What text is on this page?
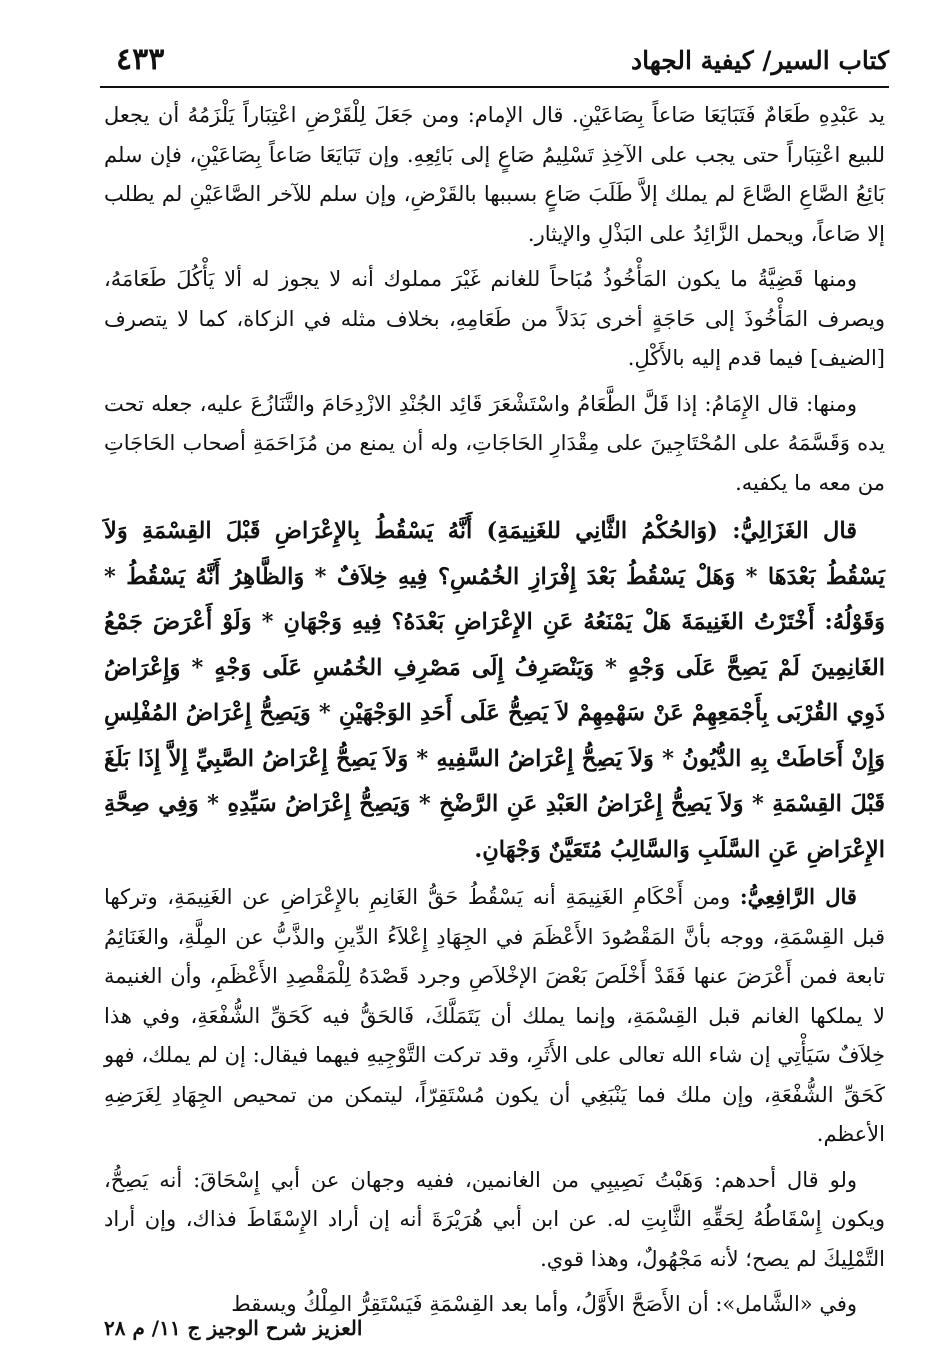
٤٣٣	كتاب السير/ كيفية الجهاد

يد عَبْدِهِ طَعَامٌ فَتَبَايَعَا صَاعاً بِصَاعَيْنِ. قال الإمام: ومن جَعَلَ لِلْقَرْضِ اعْتِبَاراً يَلْزَمُهُ أن يجعل للبيع اعْتِبَاراً حتى يجب على الآخِذِ تَسْلِيمُ صَاعٍ إلى بَائِعِهِ. وإن تَبَايَعَا صَاعاً بِصَاعَيْنِ، فإن سلم بَائِعُ الصَّاعِ الصَّاعَ لم يملك إلاَّ طَلَبَ صَاعٍ بسببها بالقَرْضِ، وإن سلم للآخر الصَّاعَيْنِ لم يطلب إلا صَاعاً، ويحمل الزَّائِدُ على البَذْلِ والإيثار.

ومنها قَضِيَّةُ ما يكون المَأْخُوذُ مُبَاحاً للغانم غَيْرَ مملوك أنه لا يجوز له ألا يَأْكُلَ طَعَامَهُ، ويصرف المَأْخُوذَ إلى حَاجَةٍ أخرى بَدَلاً من طَعَامِهِ، بخلاف مثله في الزكاة، كما لا يتصرف [الضيف] فيما قدم إليه بالأَكْلِ.

ومنها: قال الإِمَامُ: إذا قَلَّ الطَّعَامُ واسْتَشْعَرَ قَائِد الجُنْدِ الازْدِحَامَ والتَّنَازُعَ عليه، جعله تحت يده وَقَسَّمَهُ على المُحْتَاجِينَ على مِقْدَارِ الحَاجَاتِ، وله أن يمنع من مُزَاحَمَةِ أصحاب الحَاجَاتِ من معه ما يكفيه.

قال الغَزَالِيُّ: (وَالحُكْمُ الثَّانِي للغَنِيمَةِ) أَنَّهُ يَسْقُطُ بِالإِعْرَاضِ قَبْلَ القِسْمَةِ وَلاَ يَسْقُطُ بَعْدَهَا * وَهَلْ يَسْقُطُ بَعْدَ إِفْرَازِ الخُمُسِ؟ فِيهِ خِلاَفٌ * وَالظَّاهِرُ أَنَّهُ يَسْقُطُ * وَقَوْلُهُ: أَخْتَرْتُ الغَنِيمَةَ هَلْ يَمْنَعُهُ عَنِ الإِعْرَاضِ بَعْدَهُ؟ فِيهِ وَجْهَانِ * وَلَوْ أَعْرَضَ جَمْعُ الغَانِمِينَ لَمْ يَصِحَّ عَلَى وَجْهٍ * وَيَنْصَرِفُ إِلَى مَصْرِفِ الخُمُسِ عَلَى وَجْهٍ * وَإِعْرَاضُ ذَوِي القُرْبَى بِأَجْمَعِهِمْ عَنْ سَهْمِهِمْ لاَ يَصِحُّ عَلَى أَحَدِ الوَجْهَيْنِ * وَيَصِحُّ إِعْرَاضُ المُفْلِسِ وَإِنْ أَحَاطَتْ بِهِ الدُّيُونُ * وَلاَ يَصِحُّ إِعْرَاضُ السَّفِيهِ * وَلاَ يَصِحُّ إِعْرَاضُ الصَّبِيِّ إِلاَّ إِذَا بَلَغَ قَبْلَ القِسْمَةِ * وَلاَ يَصِحُّ إِعْرَاضُ العَبْدِ عَنِ الرَّضْخِ * وَيَصِحُّ إِعْرَاضُ سَيِّدِهِ * وَفِي صِحَّةِ الإِعْرَاضِ عَنِ السَّلَبِ وَالسَّالِبُ مُتَعَيَّنٌ وَجْهَانِ.

قال الرَّافِعِيُّ: ومن أَحْكَامِ الغَنِيمَةِ أنه يَسْقُطُ حَقُّ الغَانِمِ بالإِعْرَاضِ عن الغَنِيمَةِ، وتركها قبل القِسْمَةِ، ووجه بأنَّ المَقْصُودَ الأَعْظَمَ في الجِهَادِ إِعْلاَءُ الدِّينِ والذَّبُّ عن المِلَّةِ، والغَنَائِمُ تابعة فمن أَعْرَضَ عنها فَقَدْ أَخْلَصَ بَعْضَ الإخْلاَصِ وجرد قَصْدَهُ لِلْمَقْصِدِ الأَعْظَمِ، وأن الغنيمة لا يملكها الغانم قبل القِسْمَةِ، وإنما يملك أن يَتَمَلَّكَ، فَالحَقُّ فيه كَحَقِّ الشُّفْعَةِ، وفي هذا خِلاَفٌ سَيَأْتِي إن شاء الله تعالى على الأَثَرِ، وقد تركت التَّوْجِيهِ فيهما فيقال: إن لم يملك، فهو كَحَقِّ الشُّفْعَةِ، وإن ملك فما يَنْبَغِي أن يكون مُسْتَقِرّاً، ليتمكن من تمحيص الجِهَادِ لِغَرَضِهِ الأعظم.

ولو قال أحدهم: وَهَبْتُ نَصِيبِي من الغانمين، ففيه وجهان عن أبي إِسْحَاقَ: أنه يَصِحُّ، ويكون إِسْقَاطُهُ لِحَقِّهِ الثَّابِتِ له. عن ابن أبي هُرَيْرَةَ أنه إن أراد الإِسْقَاطَ فذاك، وإن أراد التَّمْلِيكَ لم يصح؛ لأنه مَجْهُولٌ، وهذا قوي.

وفي «الشَّامل»: أن الأَصَحَّ الأَوَّلُ، وأما بعد القِسْمَةِ فَيَسْتَقِرُّ المِلْكُ ويسقط

العزيز شرح الوجيز ج ١١/ م ٢٨
